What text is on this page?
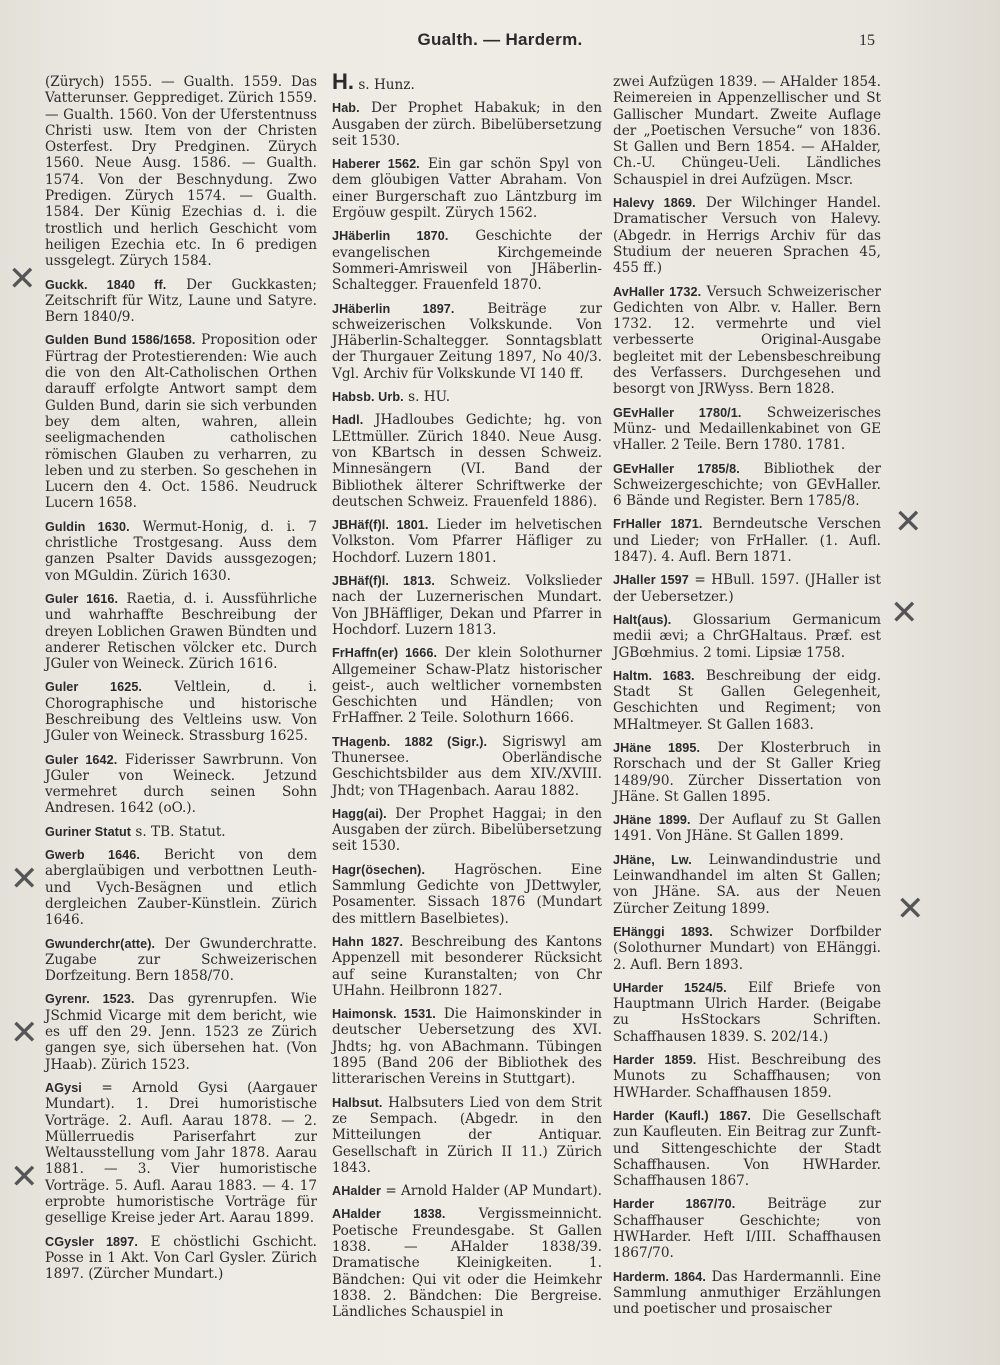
Gualth. — Harderm.	15

(Zürych) 1555. — Gualth. 1559. Das Vatterunser. Gepprediget. Zürich 1559. — Gualth. 1560. Von der Uferstentnuss Christi usw. Item von der Christen Osterfest. Dry Predginen. Zürych 1560. Neue Ausg. 1586. — Gualth. 1574. Von der Beschnydung. Zwo Predigen. Zürych 1574. — Gualth. 1584. Der Künig Ezechias d. i. die trostlich und herlich Geschicht vom heiligen Ezechia etc. In 6 predigen ussgelegt. Zürych 1584.

Guckk. 1840 ff. Der Guckkasten; Zeitschrift für Witz, Laune und Satyre. Bern 1840/9.

Gulden Bund 1586/1658. Proposition oder Fürtrag der Protestierenden: Wie auch die von den Alt-Catholischen Orthen darauff erfolgte Antwort sampt dem Gulden Bund, darin sie sich verbunden bey dem alten, wahren, allein seeligmachenden catholischen römischen Glauben zu verharren, zu leben und zu sterben. So geschehen in Lucern den 4. Oct. 1586. Neudruck Lucern 1658.

Guldin 1630. Wermut-Honig, d. i. 7 christliche Trostgesang. Auss dem ganzen Psalter Davids aussgezogen; von MGuldin. Zürich 1630.

Guler 1616. Raetia, d. i. Aussführliche und wahrhaffte Beschreibung der dreyen Loblichen Grawen Bündten und anderer Retischen völcker etc. Durch JGuler von Weineck. Zürich 1616.

Guler 1625. Veltlein, d. i. Chorographische und historische Beschreibung des Veltleins usw. Von JGuler von Weineck. Strassburg 1625.

Guler 1642. Fiderisser Sawrbrunn. Von JGuler von Weineck. Jetzund vermehret durch seinen Sohn Andresen. 1642 (oO.).

Guriner Statut s. TB. Statut.

Gwerb 1646. Bericht von dem aberglaübigen und verbottnen Leuth- und Vych-Besägnen und etlich dergleichen Zauber-Künstlein. Zürich 1646.

Gwunderchr(atte). Der Gwunderchratte. Zugabe zur Schweizerischen Dorfzeitung. Bern 1858/70.

Gyrenr. 1523. Das gyrenrupfen. Wie JSchmid Vicarge mit dem bericht, wie es uff den 29. Jenn. 1523 ze Zürich gangen sye, sich übersehen hat. (Von JHaab). Zürich 1523.

AGysi = Arnold Gysi (Aargauer Mundart). 1. Drei humoristische Vorträge. 2. Aufl. Aarau 1878. — 2. Müllerruedis Pariserfahrt zur Weltausstellung vom Jahr 1878. Aarau 1881. — 3. Vier humoristische Vorträge. 5. Aufl. Aarau 1883. — 4. 17 erprobte humoristische Vorträge für gesellige Kreise jeder Art. Aarau 1899.

CGysler 1897. E chöstlichi Gschicht. Posse in 1 Akt. Von Carl Gysler. Zürich 1897. (Zürcher Mundart.)

H. s. Hunz.

Hab. Der Prophet Habakuk; in den Ausgaben der zürch. Bibelübersetzung seit 1530.

Haberer 1562. Ein gar schön Spyl von dem glöubigen Vatter Abraham. Von einer Burgerschaft zuo Läntzburg im Ergöuw gespilt. Zürych 1562.

JHäberlin 1870. Geschichte der evangelischen Kirchgemeinde Sommeri-Amrisweil von JHäberlin-Schaltegger. Frauenfeld 1870.

JHäberlin 1897. Beiträge zur schweizerischen Volkskunde. Von JHäberlin-Schaltegger. Sonntagsblatt der Thurgauer Zeitung 1897, No 40/3. Vgl. Archiv für Volkskunde VI 140 ff.

Habsb. Urb. s. HU.

Hadl. JHadloubes Gedichte; hg. von LEttmüller. Zürich 1840. Neue Ausg. von KBartsch in dessen Schweiz. Minnesängern (VI. Band der Bibliothek älterer Schriftwerke der deutschen Schweiz. Frauenfeld 1886).

JBHäf(f)l. 1801. Lieder im helvetischen Volkston. Vom Pfarrer Häfliger zu Hochdorf. Luzern 1801.

JBHäf(f)l. 1813. Schweiz. Volkslieder nach der Luzernerischen Mundart. Von JBHäffliger, Dekan und Pfarrer in Hochdorf. Luzern 1813.

FrHaffn(er) 1666. Der klein Solothurner Allgemeiner Schaw-Platz historischer geist-, auch weltlicher vornembsten Geschichten und Händlen; von FrHaffner. 2 Teile. Solothurn 1666.

THagenb. 1882 (Sigr.). Sigriswyl am Thunersee. Oberländische Geschichtsbilder aus dem XIV./XVIII. Jhdt; von THagenbach. Aarau 1882.

Hagg(ai). Der Prophet Haggai; in den Ausgaben der zürch. Bibelübersetzung seit 1530.

Hagr(ösechen). Hagröschen. Eine Sammlung Gedichte von JDettwyler, Posamenter. Sissach 1876 (Mundart des mittlern Baselbietes).

Hahn 1827. Beschreibung des Kantons Appenzell mit besonderer Rücksicht auf seine Kuranstalten; von Chr UHahn. Heilbronn 1827.

Haimonsk. 1531. Die Haimonskinder in deutscher Uebersetzung des XVI. Jhdts; hg. von ABachmann. Tübingen 1895 (Band 206 der Bibliothek des litterarischen Vereins in Stuttgart).

Halbsut. Halbsuters Lied von dem Strit ze Sempach. (Abgedr. in den Mitteilungen der Antiquar. Gesellschaft in Zürich II 11.) Zürich 1843.

AHalder = Arnold Halder (AP Mundart).

AHalder 1838. Vergissmeinnicht. Poetische Freundesgabe. St Gallen 1838. — AHalder 1838/39. Dramatische Kleinigkeiten. 1. Bändchen: Qui vit oder die Heimkehr 1838. 2. Bändchen: Die Bergreise. Ländliches Schauspiel in

zwei Aufzügen 1839. — AHalder 1854. Reimereien in Appenzellischer und St Gallischer Mundart. Zweite Auflage der „Poetischen Versuche“ von 1836. St Gallen und Bern 1854. — AHalder, Ch.-U. Chüngeu-Ueli. Ländliches Schauspiel in drei Aufzügen. Mscr.

Halevy 1869. Der Wilchinger Handel. Dramatischer Versuch von Halevy. (Abgedr. in Herrigs Archiv für das Studium der neueren Sprachen 45, 455 ff.)

AvHaller 1732. Versuch Schweizerischer Gedichten von Albr. v. Haller. Bern 1732. 12. vermehrte und viel verbesserte Original-Ausgabe begleitet mit der Lebensbeschreibung des Verfassers. Durchgesehen und besorgt von JRWyss. Bern 1828.

GEvHaller 1780/1. Schweizerisches Münz- und Medaillenkabinet von GE vHaller. 2 Teile. Bern 1780. 1781.

GEvHaller 1785/8. Bibliothek der Schweizergeschichte; von GEvHaller. 6 Bände und Register. Bern 1785/8.

FrHaller 1871. Berndeutsche Verschen und Lieder; von FrHaller. (1. Aufl. 1847). 4. Aufl. Bern 1871.

JHaller 1597 = HBull. 1597. (JHaller ist der Uebersetzer.)

Halt(aus). Glossarium Germanicum medii ævi; a ChrGHaltaus. Præf. est JGBœhmius. 2 tomi. Lipsiæ 1758.

Haltm. 1683. Beschreibung der eidg. Stadt St Gallen Gelegenheit, Geschichten und Regiment; von MHaltmeyer. St Gallen 1683.

JHäne 1895. Der Klosterbruch in Rorschach und der St Galler Krieg 1489/90. Zürcher Dissertation von JHäne. St Gallen 1895.

JHäne 1899. Der Auflauf zu St Gallen 1491. Von JHäne. St Gallen 1899.

JHäne, Lw. Leinwandindustrie und Leinwandhandel im alten St Gallen; von JHäne. SA. aus der Neuen Zürcher Zeitung 1899.

EHänggi 1893. Schwizer Dorfbilder (Solothurner Mundart) von EHänggi. 2. Aufl. Bern 1893.

UHarder 1524/5. Eilf Briefe von Hauptmann Ulrich Harder. (Beigabe zu HsStockars Schriften. Schaffhausen 1839. S. 202/14.)

Harder 1859. Hist. Beschreibung des Munots zu Schaffhausen; von HWHarder. Schaffhausen 1859.

Harder (Kaufl.) 1867. Die Gesellschaft zun Kaufleuten. Ein Beitrag zur Zunft- und Sittengeschichte der Stadt Schaffhausen. Von HWHarder. Schaffhausen 1867.

Harder 1867/70. Beiträge zur Schaffhauser Geschichte; von HWHarder. Heft I/III. Schaffhausen 1867/70.

Harderm. 1864. Das Hardermannli. Eine Sammlung anmuthiger Erzählungen und poetischer und prosaischer

✕
✕
✕
✕
✕
✕
✕
